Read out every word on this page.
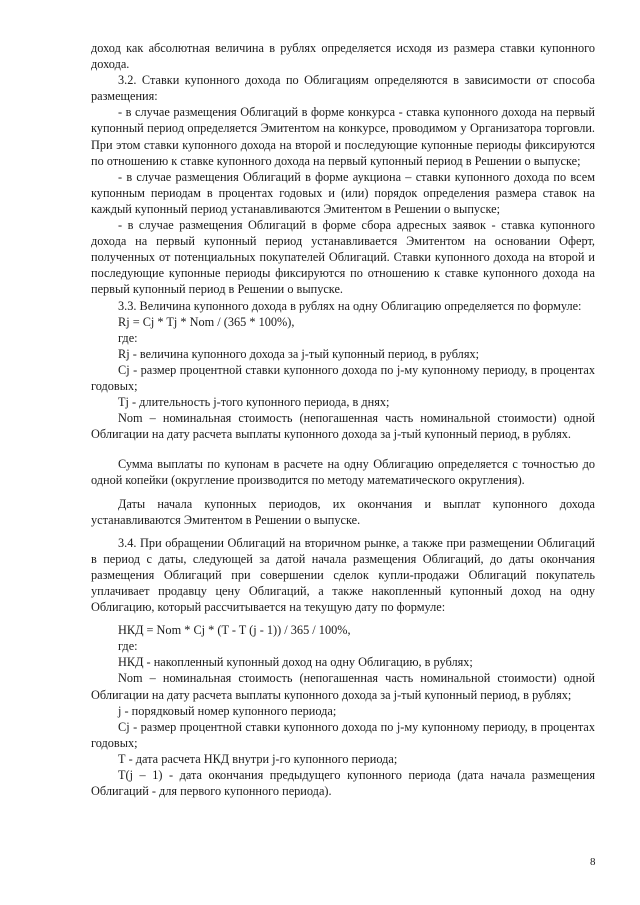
доход как абсолютная величина в рублях определяется исходя из размера ставки купонного дохода.

3.2. Ставки купонного дохода по Облигациям определяются в зависимости от способа размещения:

- в случае размещения Облигаций в форме конкурса - ставка купонного дохода на первый купонный период определяется Эмитентом на конкурсе, проводимом у Организатора торговли. При этом ставки купонного дохода на второй и последующие купонные периоды фиксируются по отношению к ставке купонного дохода на первый купонный период в Решении о выпуске;

- в случае размещения Облигаций в форме аукциона – ставки купонного дохода по всем купонным периодам в процентах годовых и (или) порядок определения размера ставок на каждый купонный период устанавливаются Эмитентом в Решении о выпуске;

- в случае размещения Облигаций в форме сбора адресных заявок - ставка купонного дохода на первый купонный период устанавливается Эмитентом на основании Оферт, полученных от потенциальных покупателей Облигаций. Ставки купонного дохода на второй и последующие купонные периоды фиксируются по отношению к ставке купонного дохода на первый купонный период в Решении о выпуске.

3.3. Величина купонного дохода в рублях на одну Облигацию определяется по формуле:

Rj = Cj * Tj * Nom / (365 * 100%),

где:

Rj - величина купонного дохода за j-тый купонный период, в рублях;

Cj - размер процентной ставки купонного дохода по j-му купонному периоду, в процентах годовых;

Tj - длительность j-того купонного периода, в днях;

Nom – номинальная стоимость (непогашенная часть номинальной стоимости) одной Облигации на дату расчета выплаты купонного дохода за j-тый купонный период, в рублях.

Сумма выплаты по купонам в расчете на одну Облигацию определяется с точностью до одной копейки (округление производится по методу математического округления).

Даты начала купонных периодов, их окончания и выплат купонного дохода устанавливаются Эмитентом в Решении о выпуске.

3.4. При обращении Облигаций на вторичном рынке, а также при размещении Облигаций в период с даты, следующей за датой начала размещения Облигаций, до даты окончания размещения Облигаций при совершении сделок купли-продажи Облигаций покупатель уплачивает продавцу цену Облигаций, а также накопленный купонный доход на одну Облигацию, который рассчитывается на текущую дату по формуле:

НКД = Nom * Cj * (T - T (j - 1)) / 365 / 100%,

где:

НКД - накопленный купонный доход на одну Облигацию, в рублях;

Nom – номинальная стоимость (непогашенная часть номинальной стоимости) одной Облигации на дату расчета выплаты купонного дохода за j-тый купонный период, в рублях;

j - порядковый номер купонного периода;

Cj - размер процентной ставки купонного дохода по j-му купонному периоду, в процентах годовых;

Т - дата расчета НКД внутри j-го купонного периода;

T(j – 1) - дата окончания предыдущего купонного периода (дата начала размещения Облигаций - для первого купонного периода).

8
